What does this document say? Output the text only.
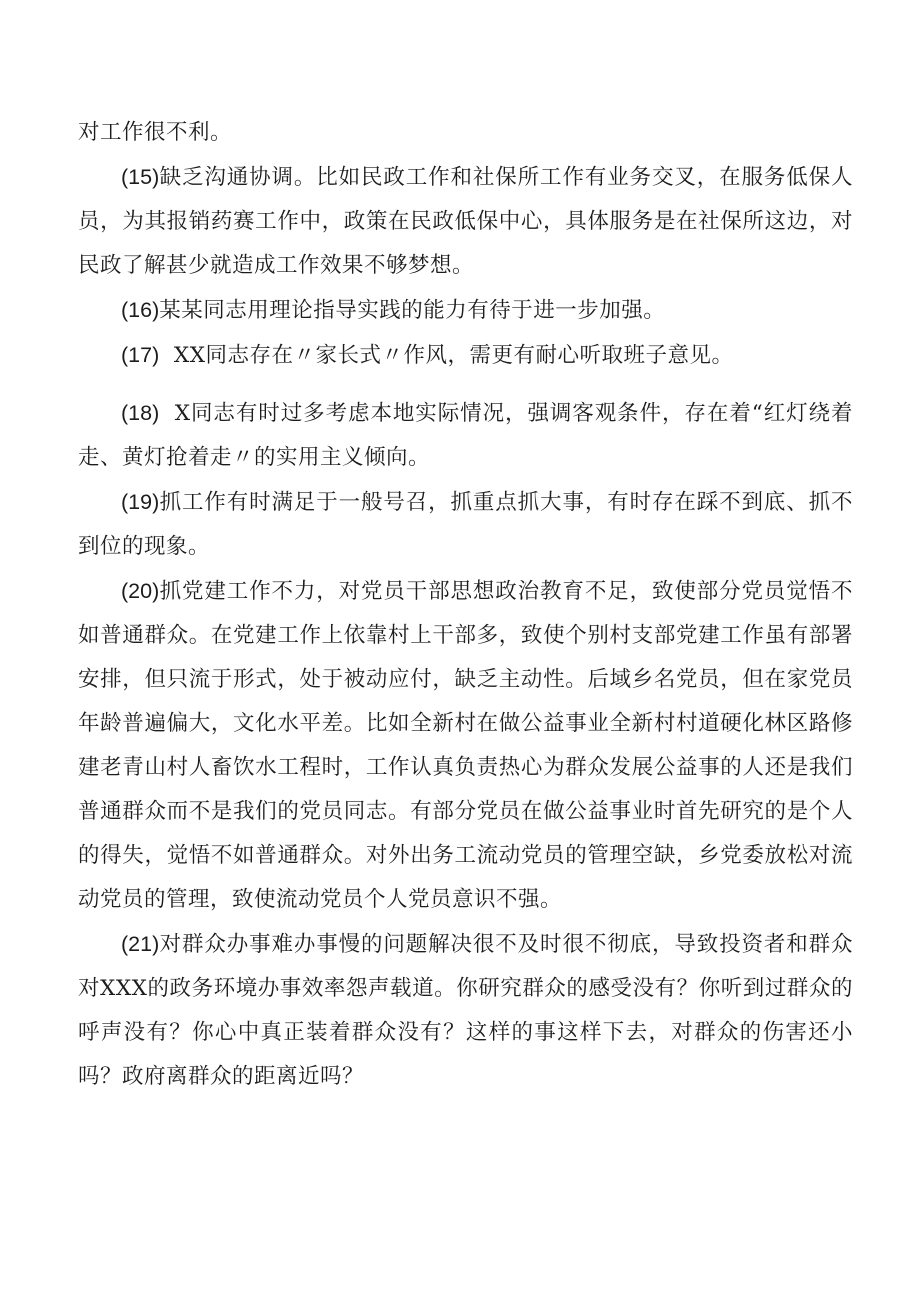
对工作很不利。

(15)缺乏沟通协调。比如民政工作和社保所工作有业务交叉，在服务低保人员，为其报销药赛工作中，政策在民政低保中心，具体服务是在社保所这边，对民政了解甚少就造成工作效果不够梦想。

(16)某某同志用理论指导实践的能力有待于进一步加强。

(17) XX同志存在〃家长式〃作风，需更有耐心听取班子意见。

(18) X同志有时过多考虑本地实际情况，强调客观条件，存在着“红灯绕着走、黄灯抢着走〃的实用主义倾向。

(19)抓工作有时满足于一般号召，抓重点抓大事，有时存在踩不到底、抓不到位的现象。

(20)抓党建工作不力，对党员干部思想政治教育不足，致使部分党员觉悟不如普通群众。在党建工作上依靠村上干部多，致使个别村支部党建工作虽有部署安排，但只流于形式，处于被动应付，缺乏主动性。后域乡名党员，但在家党员年龄普遍偏大，文化水平差。比如全新村在做公益事业全新村村道硬化林区路修建老青山村人畜饮水工程时，工作认真负责热心为群众发展公益事的人还是我们普通群众而不是我们的党员同志。有部分党员在做公益事业时首先研究的是个人的得失，觉悟不如普通群众。对外出务工流动党员的管理空缺，乡党委放松对流动党员的管理，致使流动党员个人党员意识不强。

(21)对群众办事难办事慢的问题解决很不及时很不彻底，导致投资者和群众对XXX的政务环境办事效率怨声载道。你研究群众的感受没有？你听到过群众的呼声没有？你心中真正装着群众没有？这样的事这样下去，对群众的伤害还小吗？政府离群众的距离近吗？
